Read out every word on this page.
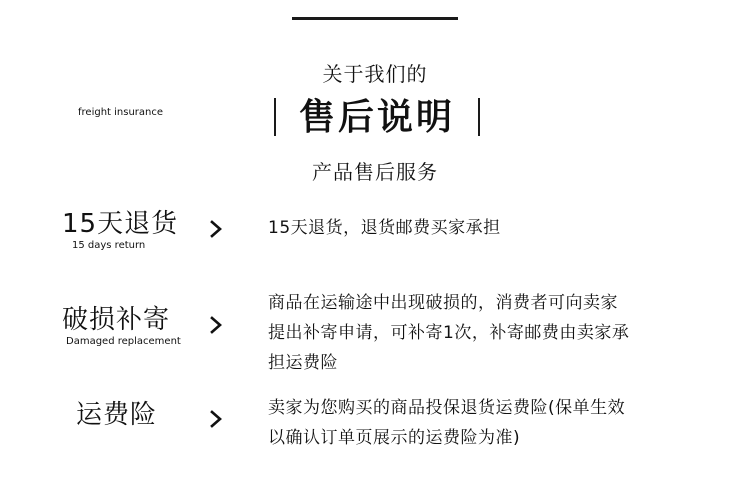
关于我们的
freight insurance	售后说明
产品售后服务
15天退货
15 days return
15天退货，退货邮费买家承担
破损补寄
Damaged replacement
商品在运输途中出现破损的，消费者可向卖家
提出补寄申请，可补寄1次，补寄邮费由卖家承
担运费险
运费险	卖家为您购买的商品投保退货运费险(保单生效
以确认订单页展示的运费险为准)
